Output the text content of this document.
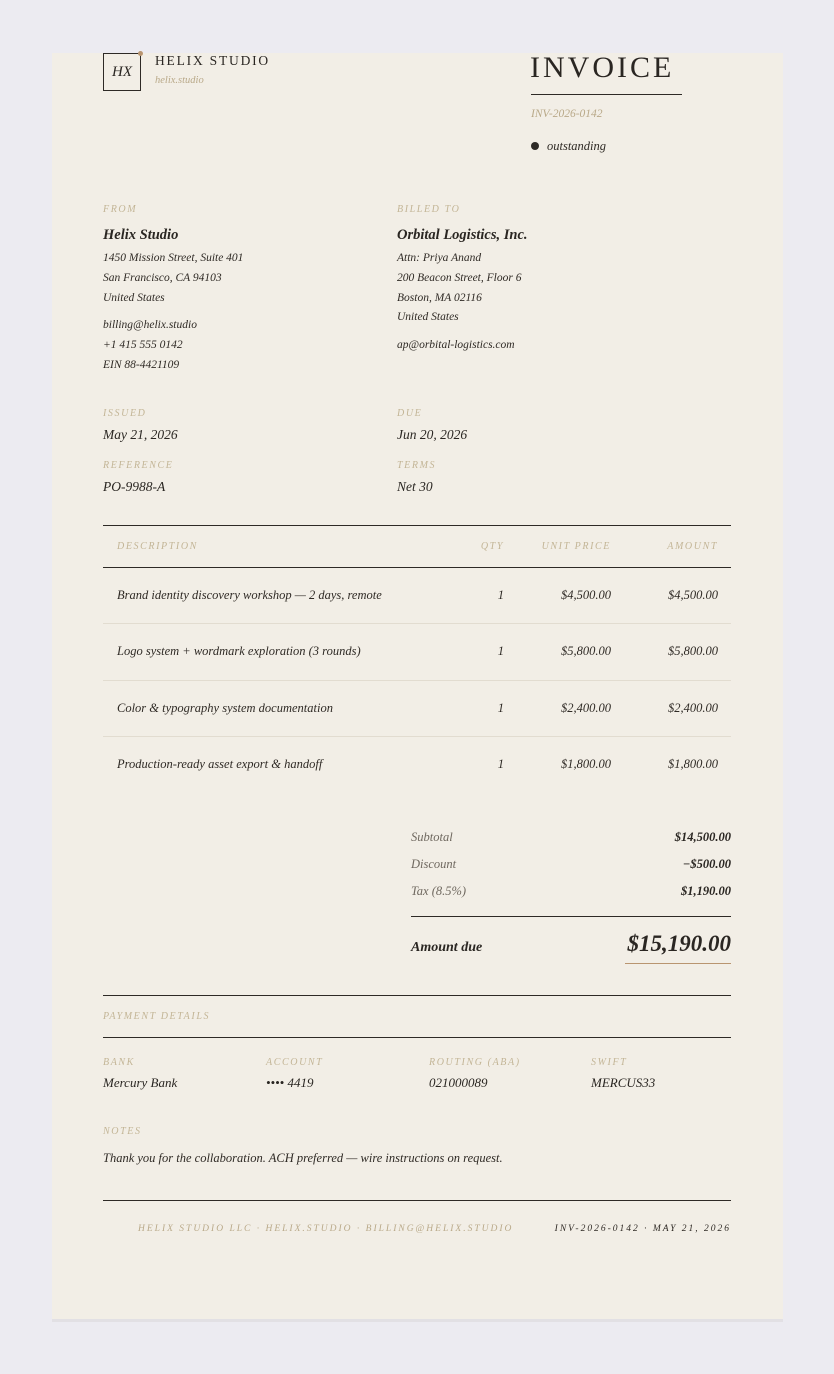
HX
HELIX STUDIO
helix.studio	INVOICE
INV-2026-0142
outstanding
FROM
Helix Studio
1450 Mission Street, Suite 401
San Francisco, CA 94103
United States
billing@helix.studio
+1 415 555 0142
EIN 88-4421109
BILLED TO
Orbital Logistics, Inc.
Attn: Priya Anand
200 Beacon Street, Floor 6
Boston, MA 02116
United States
ap@orbital-logistics.com
ISSUED
May 21, 2026
DUE
Jun 20, 2026
REFERENCE
PO-9988-A
TERMS
Net 30
DESCRIPTION	QTY	UNIT PRICE	AMOUNT
Brand identity discovery workshop — 2 days, remote	1	$4,500.00	$4,500.00
Logo system + wordmark exploration (3 rounds)	1	$5,800.00	$5,800.00
Color & typography system documentation	1	$2,400.00	$2,400.00
Production-ready asset export & handoff	1	$1,800.00	$1,800.00
Subtotal	$14,500.00
Discount	−$500.00
Tax (8.5%)	$1,190.00
Amount due	$15,190.00
PAYMENT DETAILS
BANK
Mercury Bank
ACCOUNT
•••• 4419
ROUTING (ABA)
021000089
SWIFT
MERCUS33
NOTES
Thank you for the collaboration. ACH preferred — wire instructions on request.
HELIX STUDIO LLC · HELIX.STUDIO · BILLING@HELIX.STUDIO	INV-2026-0142 · MAY 21, 2026
